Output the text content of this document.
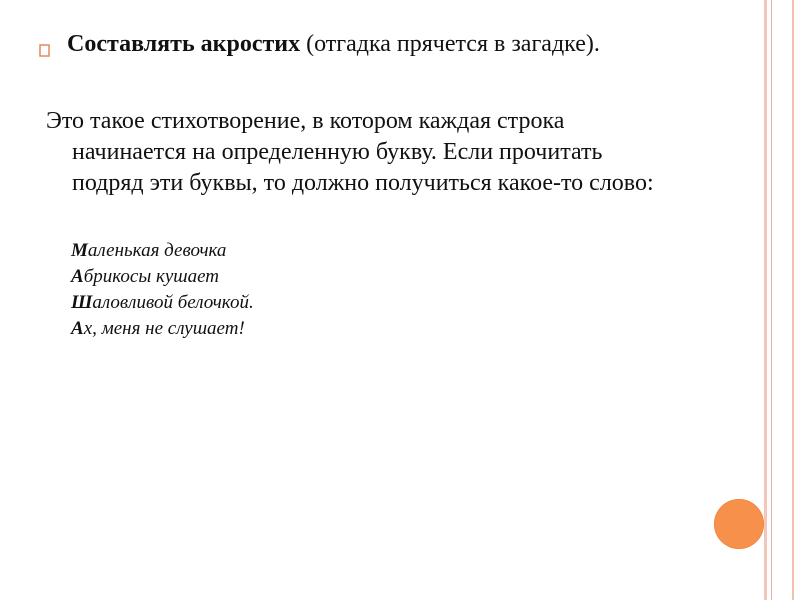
Составлять акростих (отгадка прячется в загадке).
Это такое стихотворение, в котором каждая строка
начинается на определенную букву. Если прочитать
подряд эти буквы, то должно получиться какое-то слово:
Маленькая девочка
Абрикосы кушает
Шаловливой белочкой.
Ах, меня не слушает!
